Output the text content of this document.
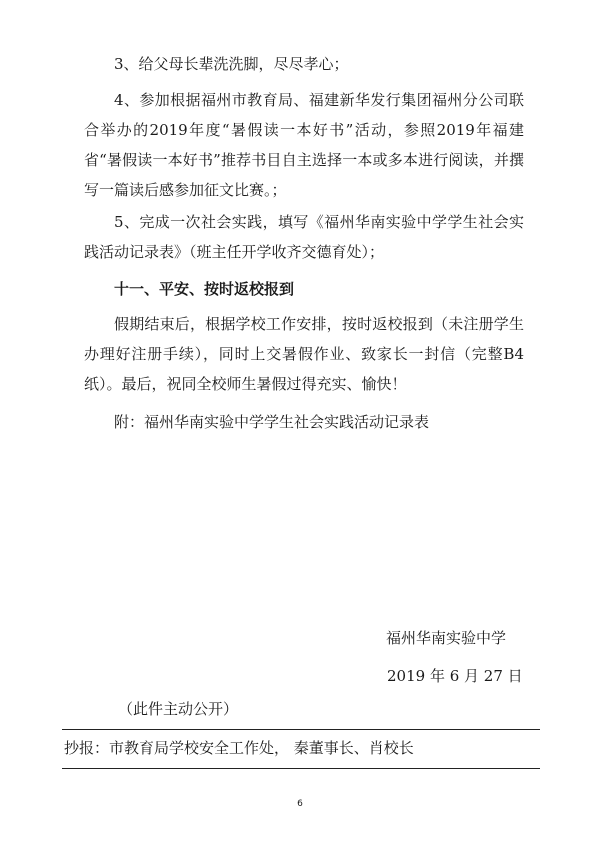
3、给父母长辈洗洗脚，尽尽孝心；

4、参加根据福州市教育局、福建新华发行集团福州分公司联合举办的2019年度“暑假读一本好书”活动，参照2019年福建省“暑假读一本好书”推荐书目自主选择一本或多本进行阅读，并撰写一篇读后感参加征文比赛。；

5、完成一次社会实践，填写《福州华南实验中学学生社会实践活动记录表》（班主任开学收齐交德育处）；

十一、平安、按时返校报到

假期结束后，根据学校工作安排，按时返校报到（未注册学生办理好注册手续），同时上交暑假作业、致家长一封信（完整B4纸）。最后，祝同全校师生暑假过得充实、愉快！

附：福州华南实验中学学生社会实践活动记录表

福州华南实验中学
2019 年 6 月 27 日
（此件主动公开）
抄报：市教育局学校安全工作处， 秦董事长、肖校长
6
